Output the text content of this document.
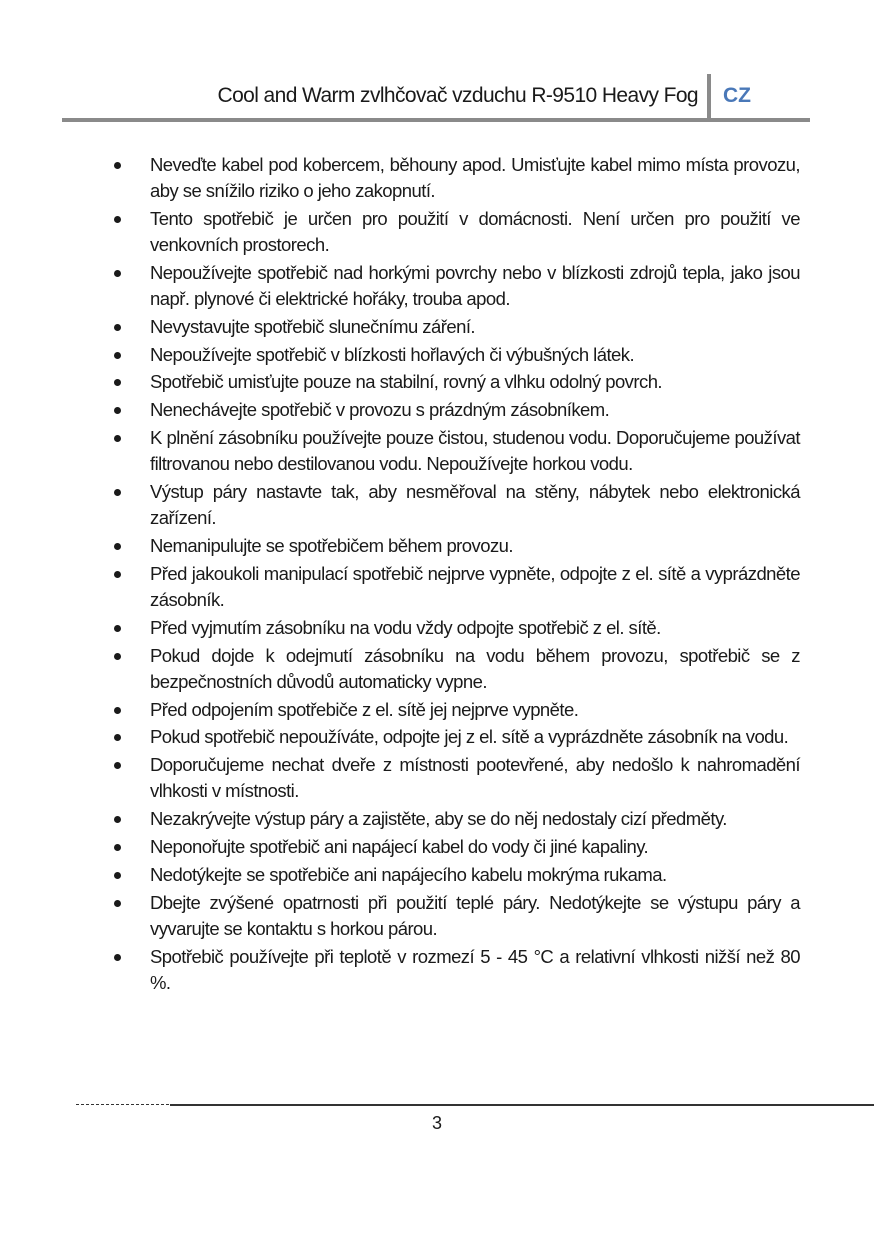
Cool and Warm zvlhčovač vzduchu R-9510 Heavy Fog CZ
Neveďte kabel pod kobercem, běhouny apod. Umisťujte kabel mimo místa provozu, aby se snížilo riziko o jeho zakopnutí.
Tento spotřebič je určen pro použití v domácnosti. Není určen pro použití ve venkovních prostorech.
Nepoužívejte spotřebič nad horkými povrchy nebo v blízkosti zdrojů tepla, jako jsou např. plynové či elektrické hořáky, trouba apod.
Nevystavujte spotřebič slunečnímu záření.
Nepoužívejte spotřebič v blízkosti hořlavých či výbušných látek.
Spotřebič umisťujte pouze na stabilní, rovný a vlhku odolný povrch.
Nenechávejte spotřebič v provozu s prázdným zásobníkem.
K plnění zásobníku používejte pouze čistou, studenou vodu. Doporučujeme používat filtrovanou nebo destilovanou vodu. Nepoužívejte horkou vodu.
Výstup páry nastavte tak, aby nesměřoval na stěny, nábytek nebo elektronická zařízení.
Nemanipulujte se spotřebičem během provozu.
Před jakoukoli manipulací spotřebič nejprve vypněte, odpojte z el. sítě a vyprázdněte zásobník.
Před vyjmutím zásobníku na vodu vždy odpojte spotřebič z el. sítě.
Pokud dojde k odejmutí zásobníku na vodu během provozu, spotřebič se z bezpečnostních důvodů automaticky vypne.
Před odpojením spotřebiče z el. sítě jej nejprve vypněte.
Pokud spotřebič nepoužíváte, odpojte jej z el. sítě a vyprázdněte zásobník na vodu.
Doporučujeme nechat dveře z místnosti pootevřené, aby nedošlo k nahromadění vlhkosti v místnosti.
Nezakrývejte výstup páry a zajistěte, aby se do něj nedostaly cizí předměty.
Neponořujte spotřebič ani napájecí kabel do vody či jiné kapaliny.
Nedotýkejte se spotřebiče ani napájecího kabelu mokrýma rukama.
Dbejte zvýšené opatrnosti při použití teplé páry. Nedotýkejte se výstupu páry a vyvarujte se kontaktu s horkou párou.
Spotřebič používejte při teplotě v rozmezí 5 - 45 °C a relativní vlhkosti nižší než 80 %.
3
